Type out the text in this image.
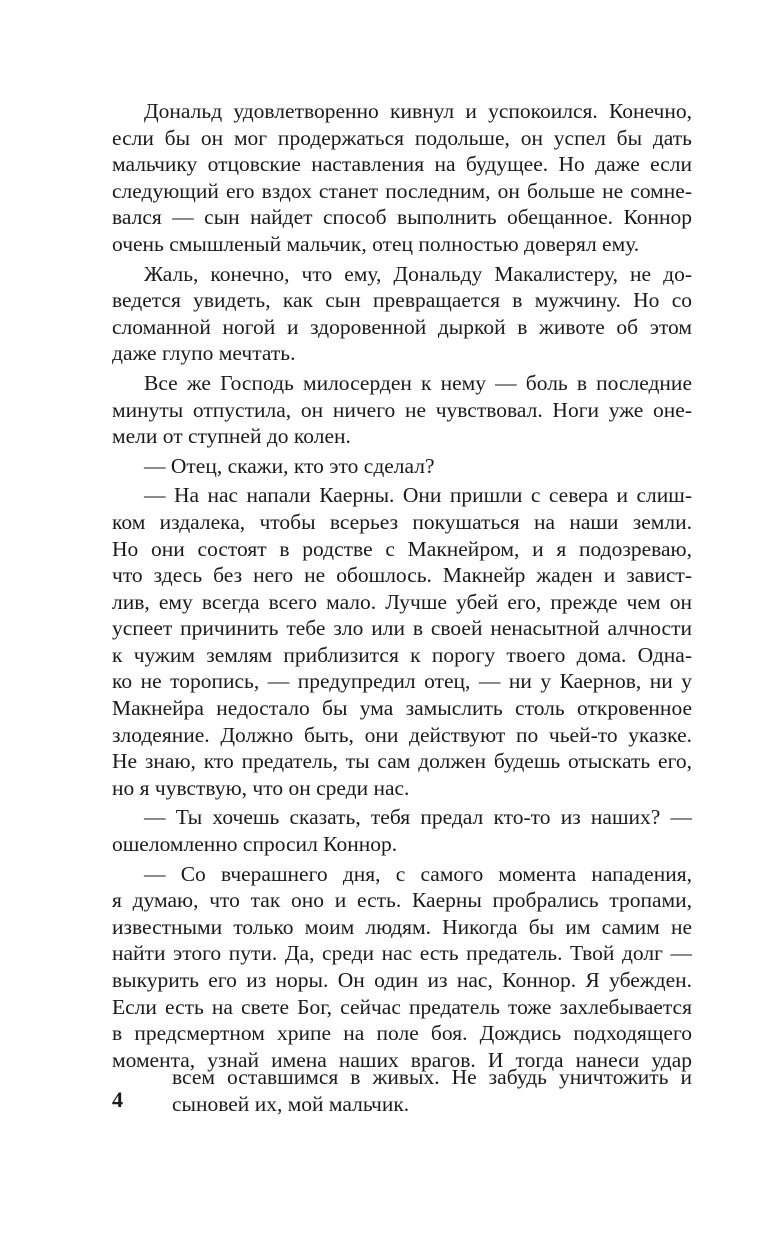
Дональд удовлетворенно кивнул и успокоился. Конечно,
если бы он мог продержаться подольше, он успел бы дать
мальчику отцовские наставления на будущее. Но даже если
следующий его вздох станет последним, он больше не сомне-
вался — сын найдет способ выполнить обещанное. Коннор
очень смышленый мальчик, отец полностью доверял ему.
Жаль, конечно, что ему, Дональду Макалистеру, не до-
ведется увидеть, как сын превращается в мужчину. Но со
сломанной ногой и здоровенной дыркой в животе об этом
даже глупо мечтать.
Все же Господь милосерден к нему — боль в последние
минуты отпустила, он ничего не чувствовал. Ноги уже оне-
мели от ступней до колен.
— Отец, скажи, кто это сделал?
— На нас напали Каерны. Они пришли с севера и слиш-
ком издалека, чтобы всерьез покушаться на наши земли.
Но они состоят в родстве с Макнейром, и я подозреваю,
что здесь без него не обошлось. Макнейр жаден и завист-
лив, ему всегда всего мало. Лучше убей его, прежде чем он
успеет причинить тебе зло или в своей ненасытной алчности
к чужим землям приблизится к порогу твоего дома. Одна-
ко не торопись, — предупредил отец, — ни у Каернов, ни у
Макнейра недостало бы ума замыслить столь откровенное
злодеяние. Должно быть, они действуют по чьей-то указке.
Не знаю, кто предатель, ты сам должен будешь отыскать его,
но я чувствую, что он среди нас.
— Ты хочешь сказать, тебя предал кто-то из наших? —
ошеломленно спросил Коннор.
— Со вчерашнего дня, с самого момента нападения,
я думаю, что так оно и есть. Каерны пробрались тропами,
известными только моим людям. Никогда бы им самим не
найти этого пути. Да, среди нас есть предатель. Твой долг —
выкурить его из норы. Он один из нас, Коннор. Я убежден.
Если есть на свете Бог, сейчас предатель тоже захлебывается
в предсмертном хрипе на поле боя. Дождись подходящего
момента, узнай имена наших врагов. И тогда нанеси удар
всем оставшимся в живых. Не забудь уничтожить и
сыновей их, мой мальчик.
4
